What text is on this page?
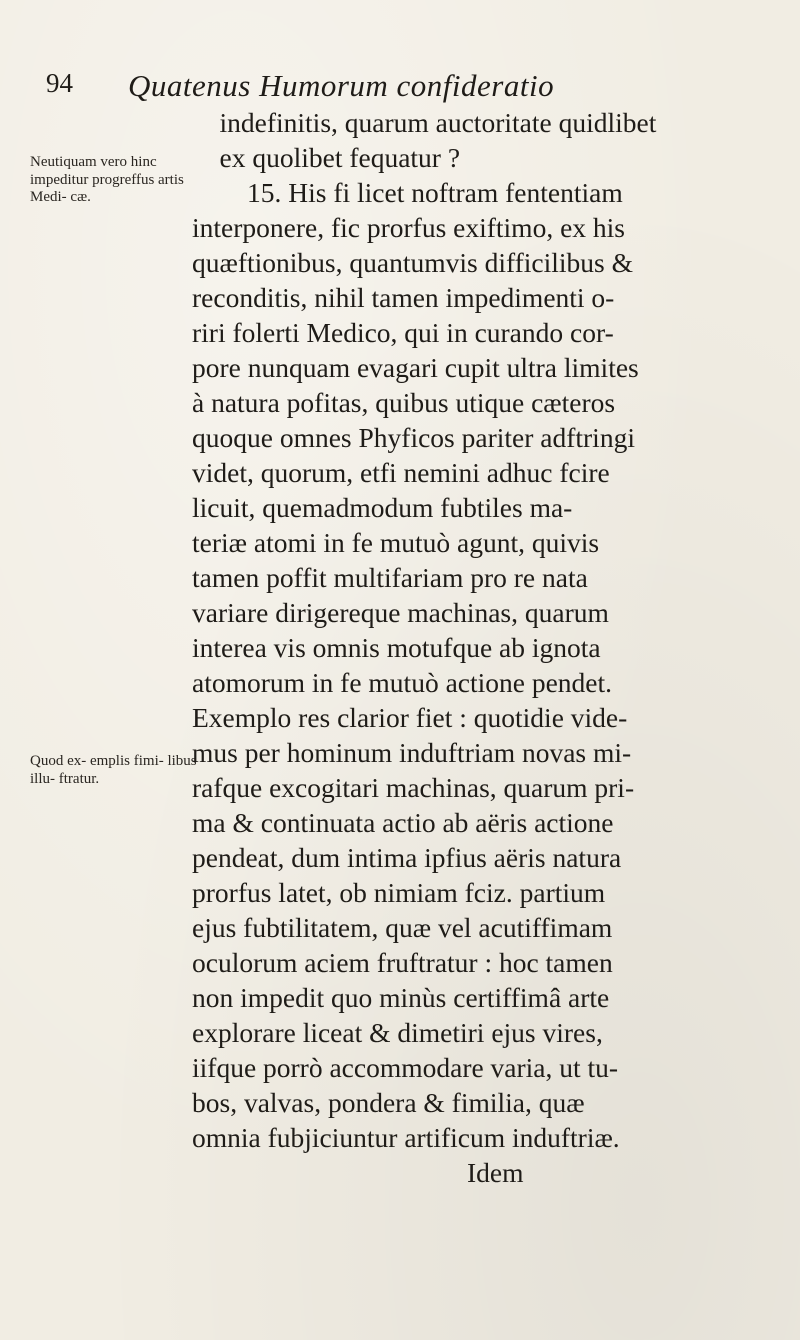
94 Quatenus Humorum confideratio
Neutiquam vero hinc impeditur progreffus artis Medi- cæ.
Quod ex- emplis fimi- libus illu- ftratur.
indefinitis, quarum auctoritate quidlibet
ex quolibet fequatur ?
15. His fi licet noftram fententiam
interponere, fic prorfus exiftimo, ex his
quæftionibus, quantumvis difficilibus &
reconditis, nihil tamen impedimenti o-
riri folerti Medico, qui in curando cor-
pore nunquam evagari cupit ultra limites
à natura pofitas, quibus utique cæteros
quoque omnes Phyficos pariter adftringi
videt, quorum, etfi nemini adhuc fcire
licuit, quemadmodum fubtiles ma-
teriæ atomi in fe mutuò agunt, quivis
tamen poffit multifariam pro re nata
variare dirigereque machinas, quarum
interea vis omnis motufque ab ignota
atomorum in fe mutuò actione pendet.
Exemplo res clarior fiet : quotidie vide-
mus per hominum induftriam novas mi-
rafque excogitari machinas, quarum pri-
ma & continuata actio ab aëris actione
pendeat, dum intima ipfius aëris natura
prorfus latet, ob nimiam fciz. partium
ejus fubtilitatem, quæ vel acutiffimam
oculorum aciem fruftratur : hoc tamen
non impedit quo minùs certiffimâ arte
explorare liceat & dimetiri ejus vires,
iifque porrò accommodare varia, ut tu-
bos, valvas, pondera & fimilia, quæ
omnia fubjiciuntur artificum induftriæ.
Idem
